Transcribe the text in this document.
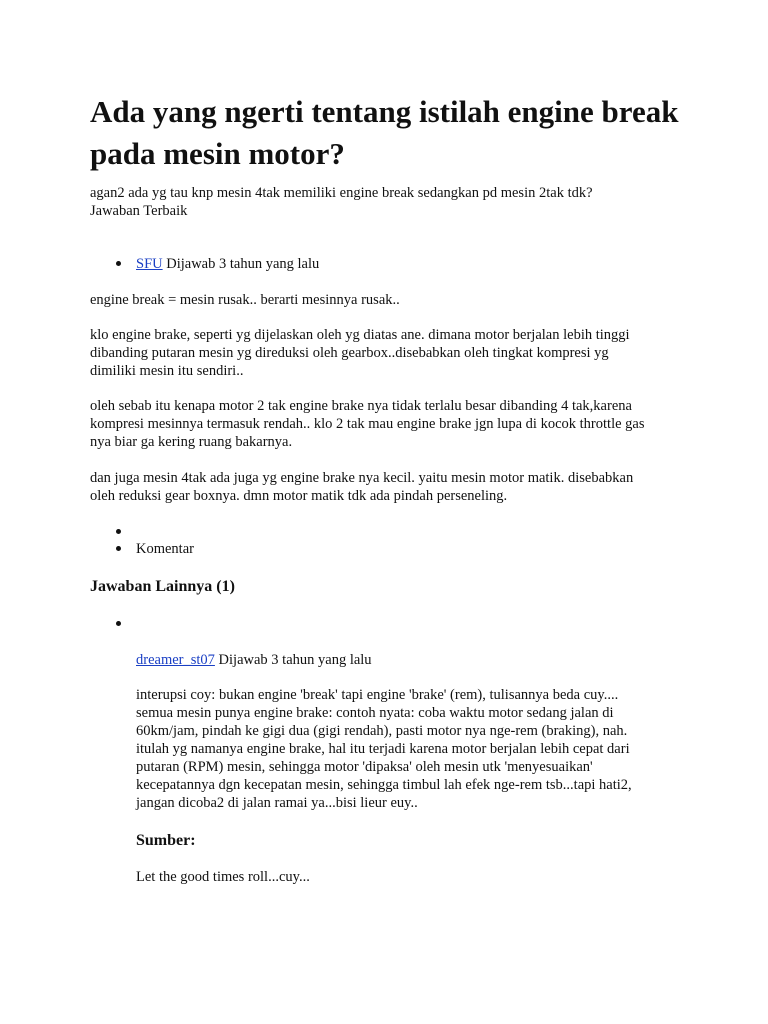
Ada yang ngerti tentang istilah engine break
pada mesin motor?
agan2 ada yg tau knp mesin 4tak memiliki engine break sedangkan pd mesin 2tak tdk?
Jawaban Terbaik
SFU Dijawab 3 tahun yang lalu
engine break = mesin rusak.. berarti mesinnya rusak..
klo engine brake, seperti yg dijelaskan oleh yg diatas ane. dimana motor berjalan lebih tinggi
dibanding putaran mesin yg direduksi oleh gearbox..disebabkan oleh tingkat kompresi yg
dimiliki mesin itu sendiri..
oleh sebab itu kenapa motor 2 tak engine brake nya tidak terlalu besar dibanding 4 tak,karena
kompresi mesinnya termasuk rendah.. klo 2 tak mau engine brake jgn lupa di kocok throttle gas
nya biar ga kering ruang bakarnya.
dan juga mesin 4tak ada juga yg engine brake nya kecil. yaitu mesin motor matik. disebabkan
oleh reduksi gear boxnya. dmn motor matik tdk ada pindah perseneling.
Komentar
Jawaban Lainnya (1)
dreamer_st07 Dijawab 3 tahun yang lalu
interupsi coy: bukan engine 'break' tapi engine 'brake' (rem), tulisannya beda cuy....
semua mesin punya engine brake: contoh nyata: coba waktu motor sedang jalan di
60km/jam, pindah ke gigi dua (gigi rendah), pasti motor nya nge-rem (braking), nah.
itulah yg namanya engine brake, hal itu terjadi karena motor berjalan lebih cepat dari
putaran (RPM) mesin, sehingga motor 'dipaksa' oleh mesin utk 'menyesuaikan'
kecepatannya dgn kecepatan mesin, sehingga timbul lah efek nge-rem tsb...tapi hati2,
jangan dicoba2 di jalan ramai ya...bisi lieur euy..
Sumber:
Let the good times roll...cuy...
